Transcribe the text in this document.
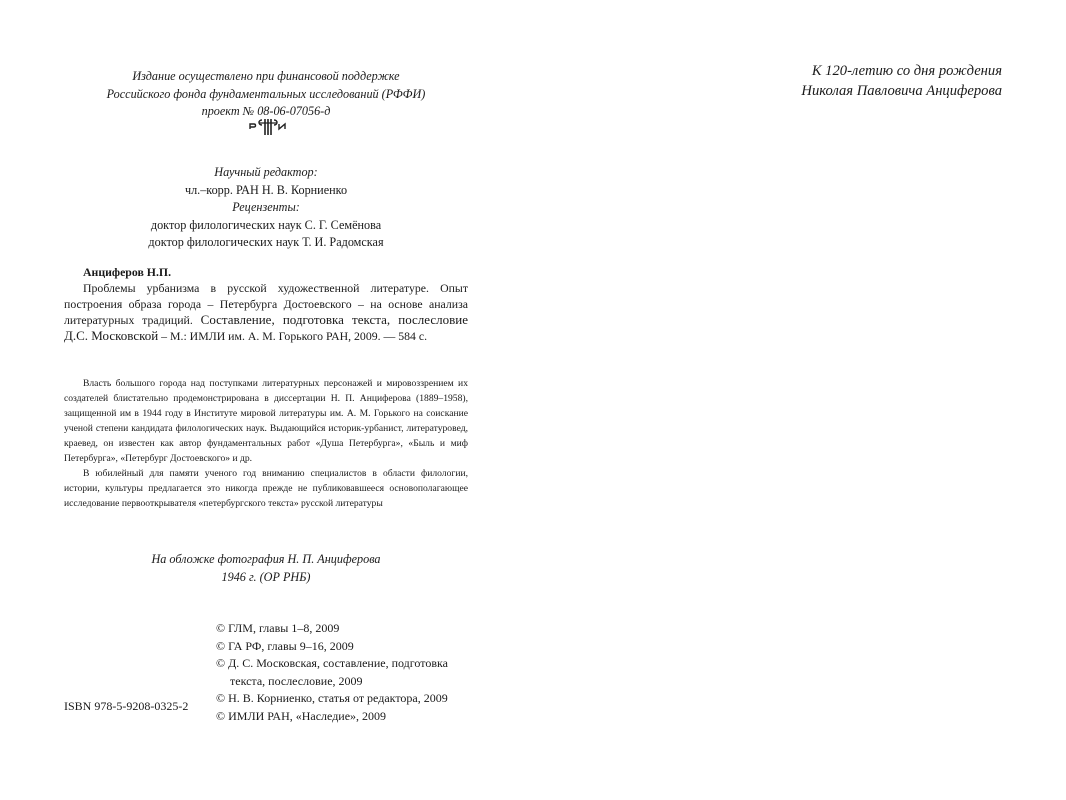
Издание осуществлено при финансовой поддержке
Российского фонда фундаментальных исследований (РФФИ)
проект № 08-06-07056-д
Научный редактор:
чл.–корр. РАН Н. В. Корниенко
Рецензенты:
доктор филологических наук С. Г. Семёнова
доктор филологических наук Т. И. Радомская
Анциферов Н.П.
Проблемы урбанизма в русской художественной литературе. Опыт построения образа города – Петербурга Достоевского – на основе анализа литературных традиций. Составление, подготовка текста, послесловие Д.С. Московской – М.: ИМЛИ им. А. М. Горького РАН, 2009. — 584 с.

Власть большого города над поступками литературных персонажей и мировоззрением их создателей блистательно продемонстрирована в диссертации Н. П. Анциферова (1889–1958), защищенной им в 1944 году в Институте мировой литературы им. А. М. Горького на соискание ученой степени кандидата филологических наук. Выдающийся историк-урбанист, литературовед, краевед, он известен как автор фундаментальных работ «Душа Петербурга», «Быль и миф Петербурга», «Петербург Достоевского» и др.

В юбилейный для памяти ученого год вниманию специалистов в области филологии, истории, культуры предлагается это никогда прежде не публиковавшееся основополагающее исследование первооткрывателя «петербургского текста» русской литературы

На обложке фотография Н. П. Анциферова
1946 г. (ОР РНБ)
© ГЛМ, главы 1–8, 2009
© ГА РФ, главы 9–16, 2009
© Д. С. Московская, составление, подготовка
текста, послесловие, 2009
© Н. В. Корниенко, статья от редактора, 2009
© ИМЛИ РАН, «Наследие», 2009
ISBN 978-5-9208-0325-2
К 120-летию со дня рождения
Николая Павловича Анциферова
